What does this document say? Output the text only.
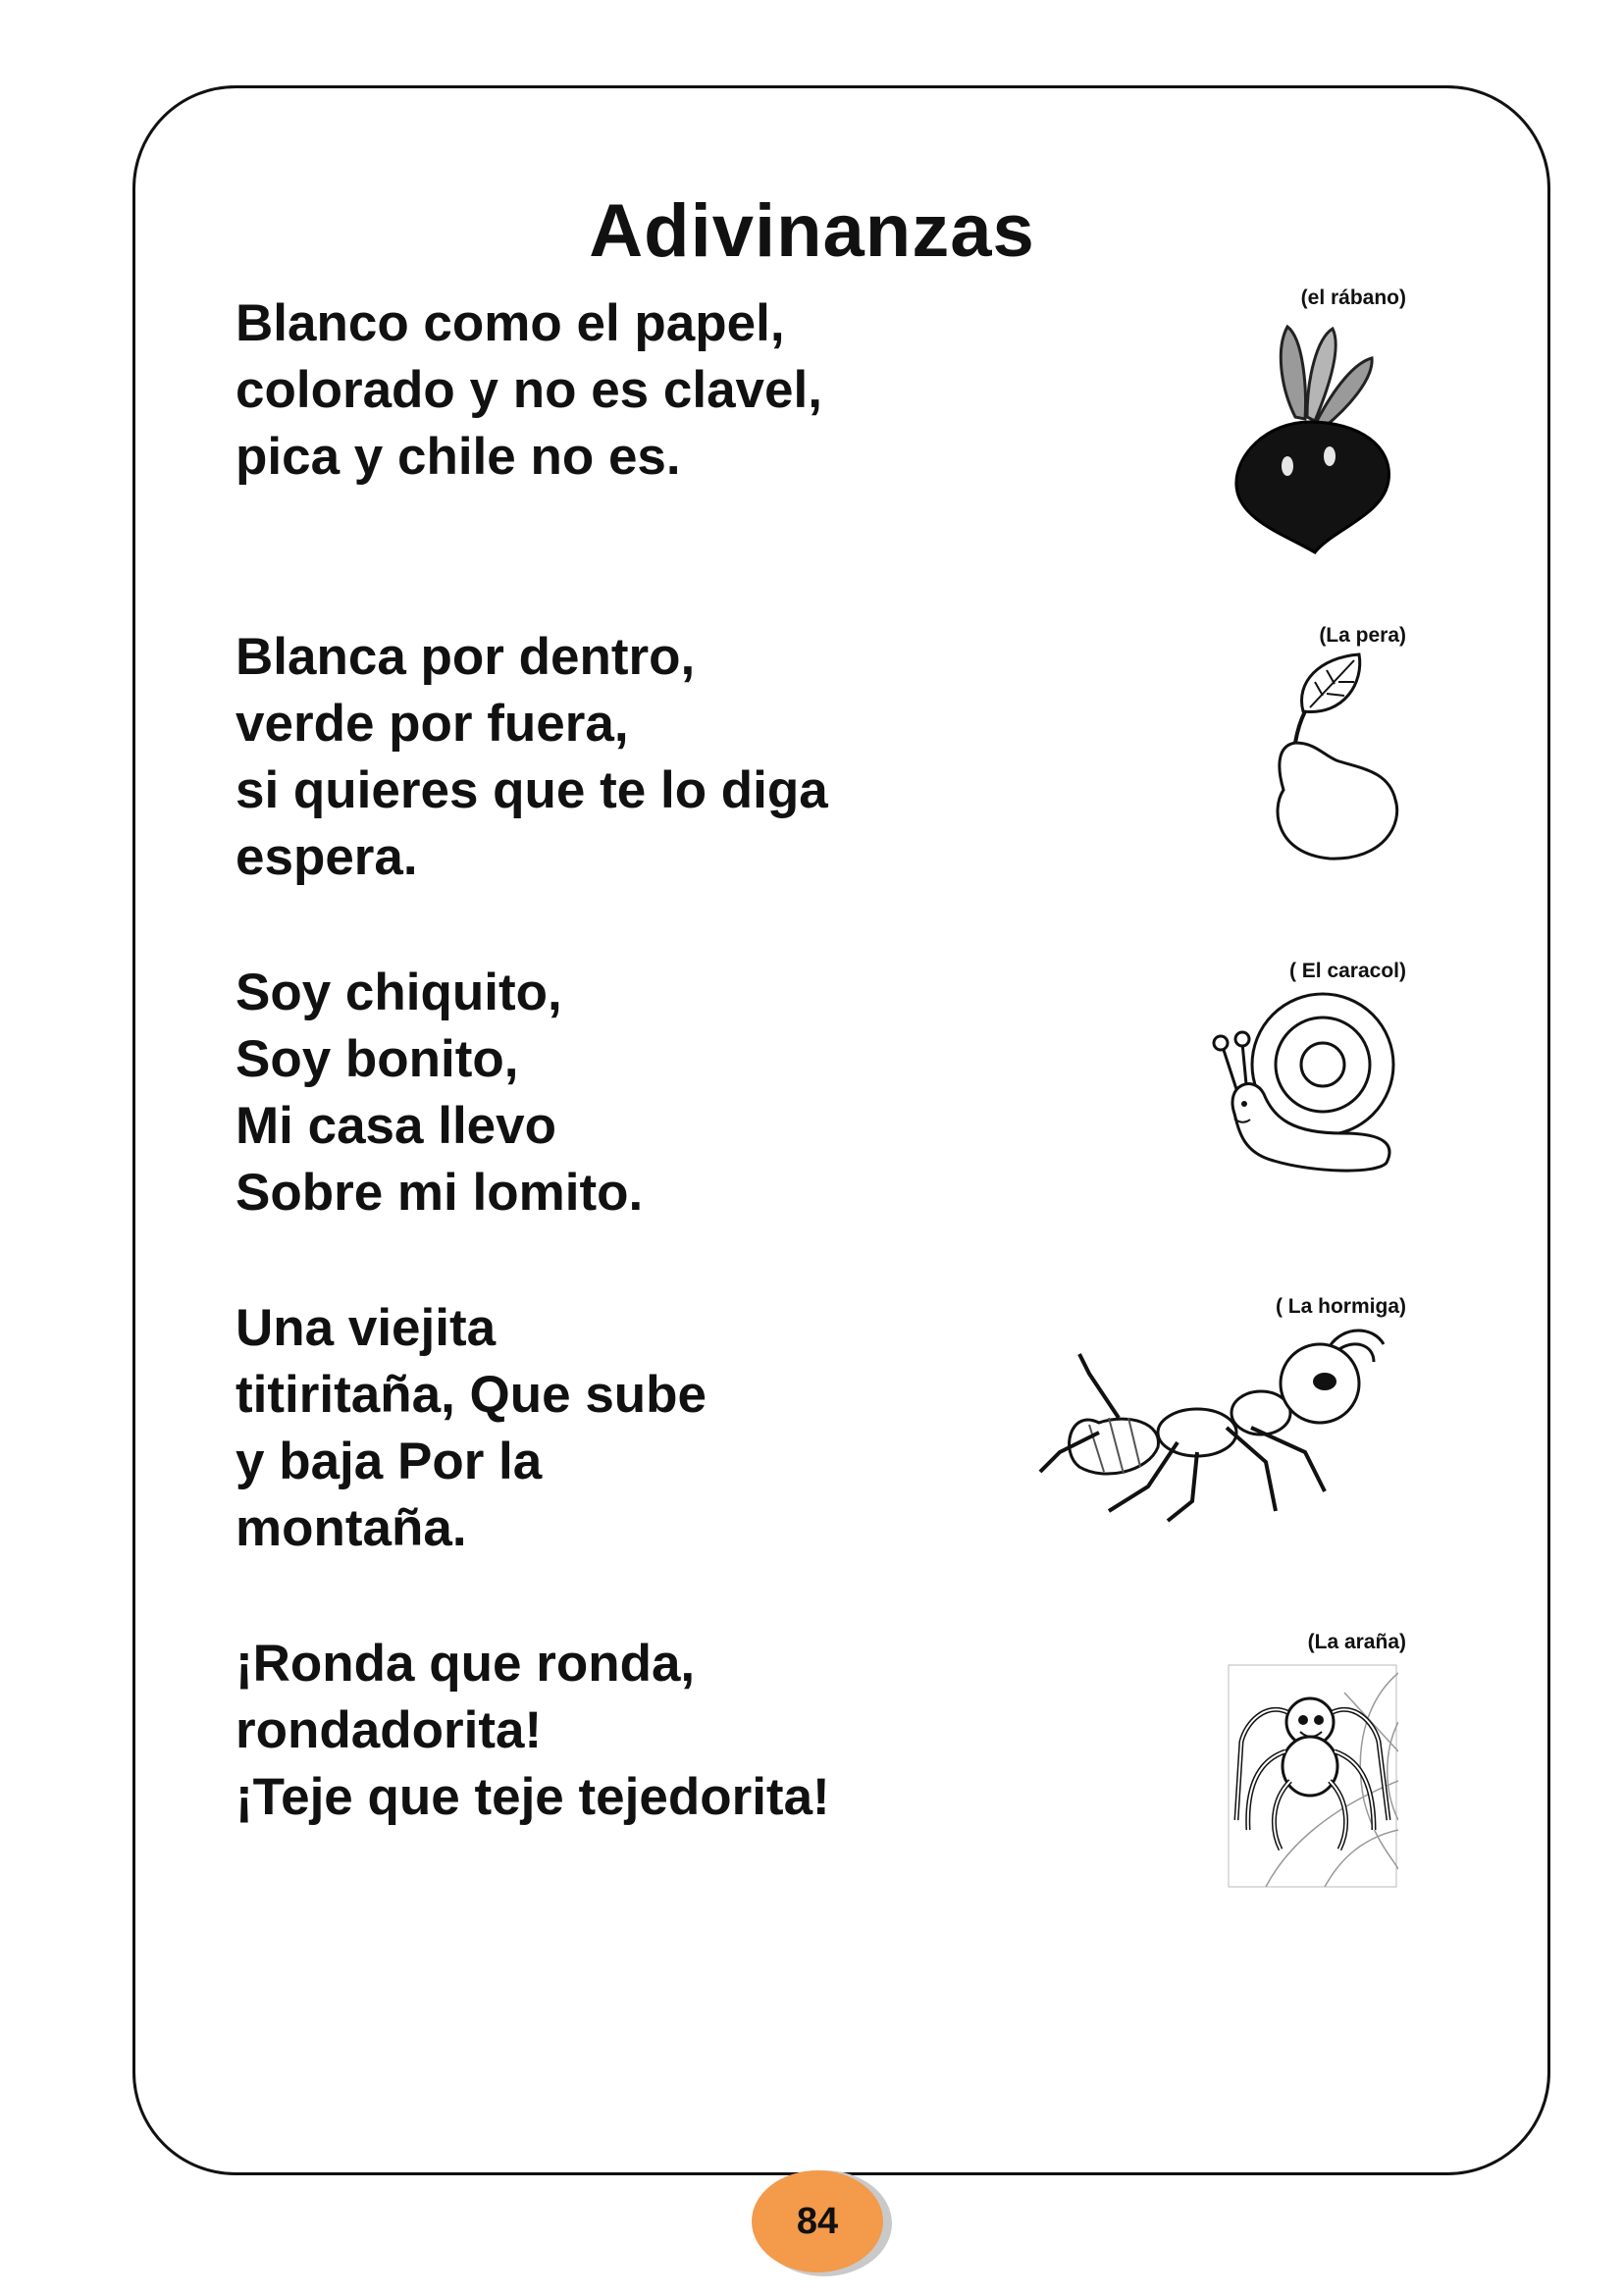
Adivinanzas
Blanco como el papel,
colorado y no es clavel,
pica y chile no es.
(el rábano)
Blanca por dentro,
verde por fuera,
si quieres que te lo diga
espera.
(La pera)
Soy chiquito,
Soy bonito,
Mi casa llevo
Sobre mi lomito.
( El caracol)
Una viejita
titiritaña, Que sube
y baja Por la
montaña.
( La hormiga)
¡Ronda que ronda,
rondadorita!
¡Teje que teje tejedorita!
(La araña)
84
